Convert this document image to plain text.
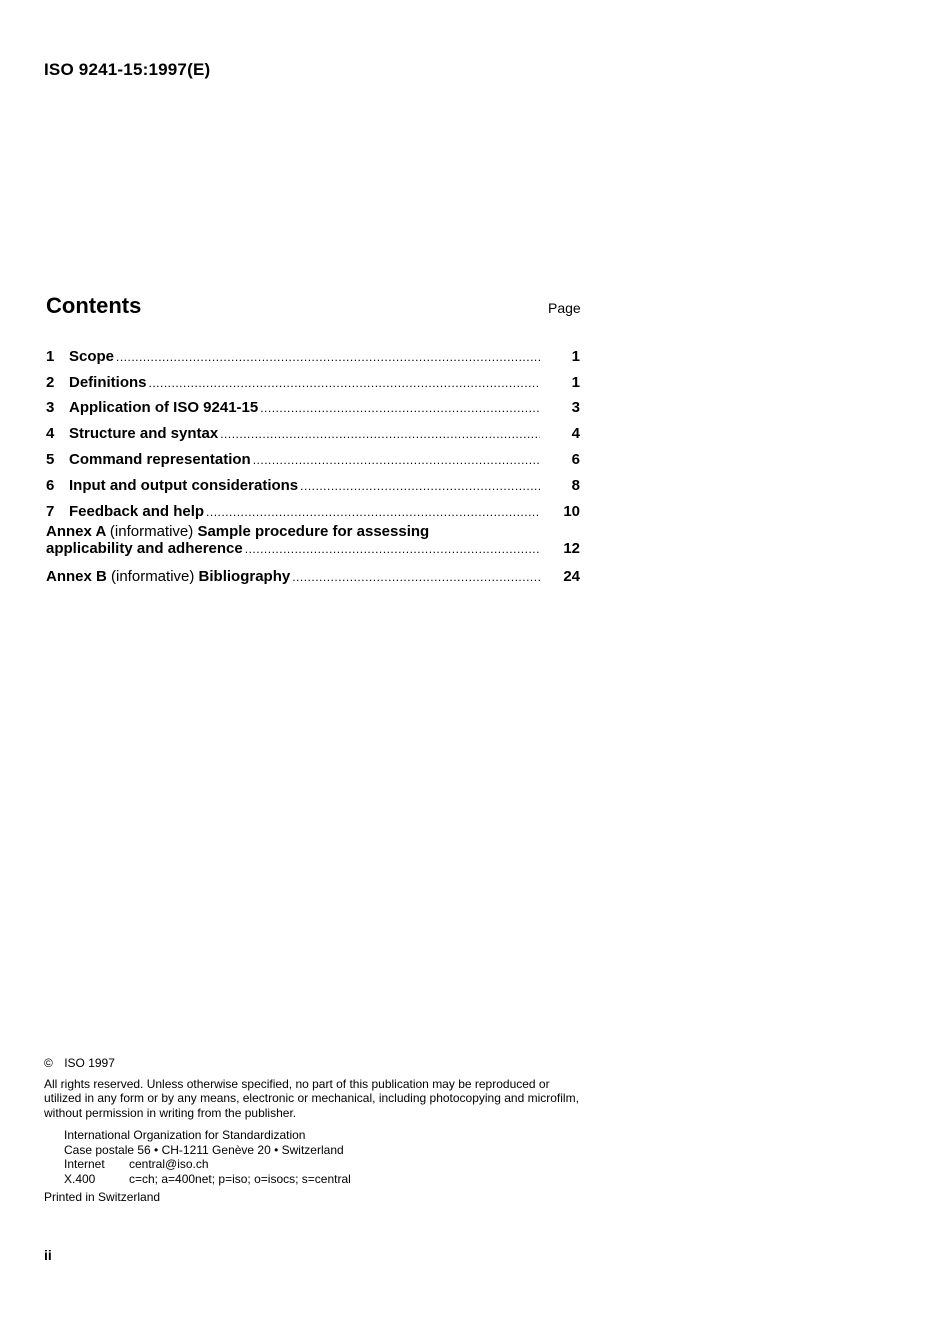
ISO 9241-15:1997(E)
Contents	Page
1 Scope .....	1
2 Definitions .....	1
3 Application of ISO 9241-15 .....	3
4 Structure and syntax .....	4
5 Command representation .....	6
6 Input and output considerations .....	8
7 Feedback and help .....	10
Annex A (informative) Sample procedure for assessing
applicability and adherence .....	12
Annex B (informative) Bibliography .....	24
© ISO 1997
All rights reserved. Unless otherwise specified, no part of this publication may be reproduced or utilized in any form or by any means, electronic or mechanical, including photocopying and microfilm, without permission in writing from the publisher.
International Organization for Standardization
Case postale 56 • CH-1211 Genève 20 • Switzerland
Internet	central@iso.ch
X.400	c=ch; a=400net; p=iso; o=isocs; s=central
Printed in Switzerland
ii
